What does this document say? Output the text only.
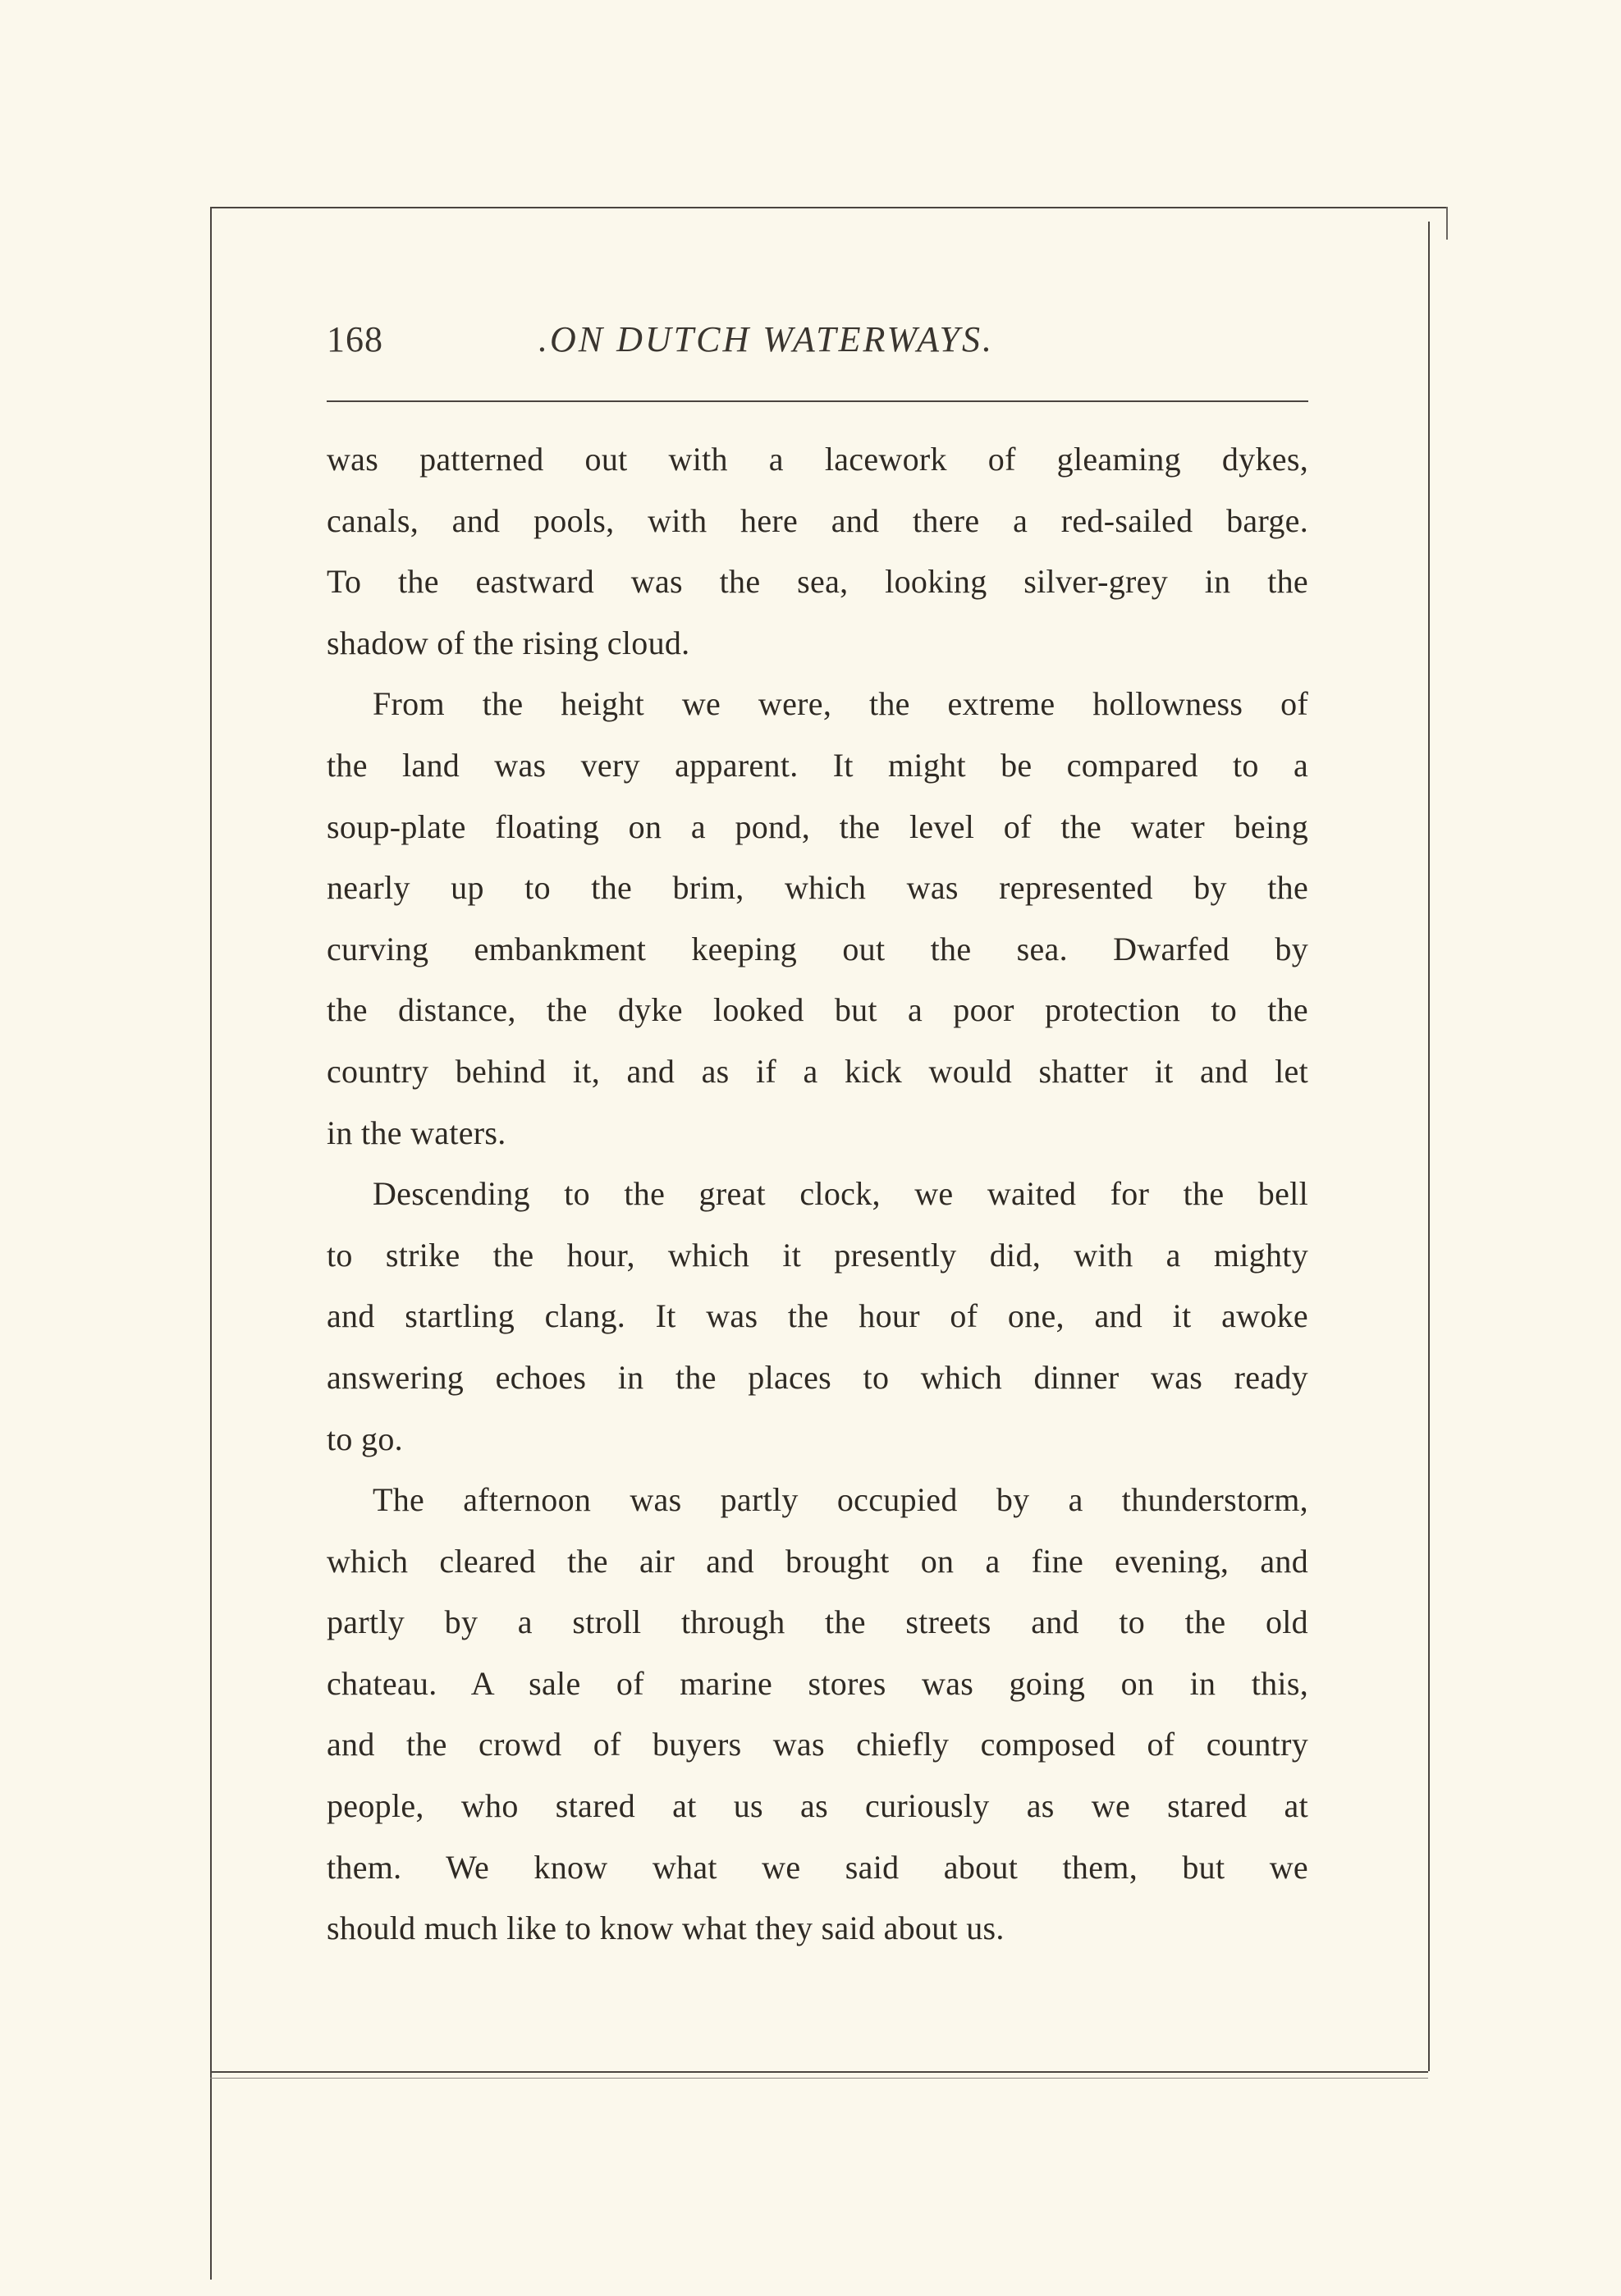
168	.ON DUTCH WATERWAYS.
was patterned out with a lacework of gleaming dykes,
canals, and pools, with here and there a red-sailed barge.
To the eastward was the sea, looking silver-grey in the
shadow of the rising cloud.
From the height we were, the extreme hollowness of
the land was very apparent. It might be compared to a
soup-plate floating on a pond, the level of the water being
nearly up to the brim, which was represented by the
curving embankment keeping out the sea. Dwarfed by
the distance, the dyke looked but a poor protection to the
country behind it, and as if a kick would shatter it and let
in the waters.
Descending to the great clock, we waited for the bell
to strike the hour, which it presently did, with a mighty
and startling clang. It was the hour of one, and it awoke
answering echoes in the places to which dinner was ready
to go.
The afternoon was partly occupied by a thunderstorm,
which cleared the air and brought on a fine evening, and
partly by a stroll through the streets and to the old
chateau. A sale of marine stores was going on in this,
and the crowd of buyers was chiefly composed of country
people, who stared at us as curiously as we stared at
them. We know what we said about them, but we
should much like to know what they said about us.
